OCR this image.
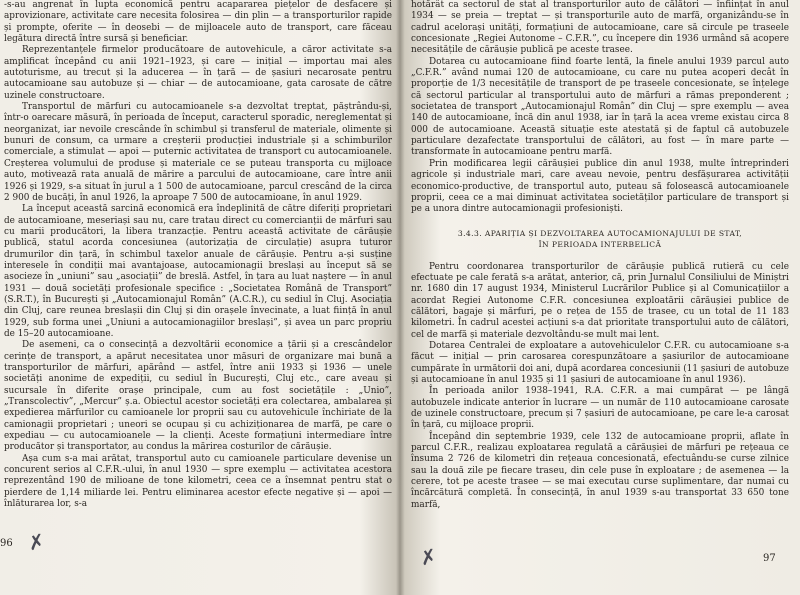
-s-au angrenat în lupta economică pentru acapararea piețelor de desfacere și aprovizionare, activitate care necesita folosirea — din plin — a transporturilor rapide și prompte, oferite — în deosebi — de mijloacele auto de transport, care făceau legătura directă între sursă și beneficiar.

Reprezentanțele firmelor producătoare de autovehicule, a căror activitate s-a amplificat începând cu anii 1921–1923, și care — inițial — importau mai ales autoturisme, au trecut și la aducerea — în țară — de șasiuri necarosate pentru autocamioane sau autobuze și — chiar — de autocamioane, gata carosate de către uzinele constructoare.

Transportul de mărfuri cu autocamioanele s-a dezvoltat treptat, păștrându-și, într-o oarecare măsură, în perioada de început, caracterul sporadic, nereglementat și neorganizat, iar nevoile crescânde în schimbul și transferul de materiale, olimente și bunuri de consum, ca urmare a creșterii producției industriale și a schimburilor comerciale, a stimulat — apoi — puternic activitatea de transport cu autocamioanele. Creșterea volumului de produse și materiale ce se puteau transporta cu mijloace auto, motivează rata anuală de mărire a parcului de autocamioane, care între anii 1926 și 1929, s-a situat în jurul a 1 500 de autocamioane, parcul crescând de la circa 2 900 de bucăți, în anul 1926, la aproape 7 500 de autocamioane, în anul 1929.

La început această sarcină economică era îndeplinită de către diferiți proprietari de autocamioane, meseriași sau nu, care tratau direct cu comercianții de mărfuri sau cu marii producători, la libera tranzacție. Pentru această activitate de cărăușie publică, statul acorda concesiunea (autorizația de circulație) asupra tuturor drumurilor din țară, în schimbul taxelor anuale de cărăușie. Pentru a-și susține interesele în condiții mai avantajoase, autocamionagii breslași au început să se asocieze în „uniuni” sau „asociații” de breslă. Astfel, în țara au luat naștere — în anul 1931 — două societăți profesionale specifice : „Societatea Română de Transport” (S.R.T.), în București și „Autocamionajul Român” (A.C.R.), cu sediul în Cluj. Asociația din Cluj, care reunea breslașii din Cluj și din orașele învecinate, a luat ființă în anul 1929, sub forma unei „Uniuni a autocamionagiilor breslași”, și avea un parc propriu de 15–20 autocamioane.

De asemeni, ca o consecință a dezvoltării economice a țării și a crescândelor cerințe de transport, a apărut necesitatea unor măsuri de organizare mai bună a transporturilor de mărfuri, apărând — astfel, între anii 1933 și 1936 — unele societăți anonime de expediții, cu sediul în București, Cluj etc., care aveau și sucursale în diferite orașe principale, cum au fost societățile : „Unio”, „Transcolectiv”, „Mercur” ș.a. Obiectul acestor societăți era colectarea, ambalarea și expedierea mărfurilor cu camioanele lor proprii sau cu autovehicule închiriate de la camionagii proprietari ; uneori se ocupau și cu achiziționarea de marfă, pe care o expediau — cu autocamioanele — la clienți. Aceste formațiuni intermediare între producător și transportator, au condus la mărirea costurilor de cărăușie.

Așa cum s-a mai arătat, transportul auto cu camioanele particulare devenise un concurent serios al C.F.R.-ului, în anul 1930 — spre exemplu — activitatea acestora reprezentând 190 de milioane de tone kilometri, ceea ce a însemnat pentru stat o pierdere de 1,14 miliarde lei. Pentru eliminarea acestor efecte negative și — apoi — înlăturarea lor, s-a

hotărât ca sectorul de stat al transporturilor auto de călători — înființat în anul 1934 — se preia — treptat — și transporturile auto de marfă, organizându-se în cadrul acelorași unități, formațiuni de autocamioane, care să circule pe traseele concesionate „Regiei Autonome – C.F.R.”, cu începere din 1936 urmând să acopere necesitățile de cărăușie publică pe aceste trasee.

Dotarea cu autocamioane fiind foarte lentă, la finele anului 1939 parcul auto „C.F.R.” având numai 120 de autocamioane, cu care nu putea acoperi decât în proporție de 1/3 necesitățile de transport de pe traseele concesionate, se înțelege că sectorul particular al transportului auto de mărfuri a rămas preponderent ; societatea de transport „Autocamionajul Român” din Cluj — spre exemplu — avea 140 de autocamioane, încă din anul 1938, iar în țară la acea vreme existau circa 8 000 de autocamioane. Această situație este atestată și de faptul că autobuzele particulare dezafectate transportului de călători, au fost — în mare parte — transformate în autocamioane pentru marfă.

Prin modificarea legii cărăușiei publice din anul 1938, multe întreprinderi agricole și industriale mari, care aveau nevoie, pentru desfășurarea activității economico-productive, de transportul auto, puteau să folosească autocamioanele proprii, ceea ce a mai diminuat activitatea societăților particulare de transport și pe a unora dintre autocamionagii profesioniști.

3.4.3. APARIȚIA ȘI DEZVOLTAREA AUTOCAMIONAJULUI DE STAT,
ÎN PERIOADA INTERBELICĂ

Pentru coordonarea transporturilor de cărăușie publică rutieră cu cele efectuate pe cale ferată s-a arătat, anterior, că, prin Jurnalul Consiliului de Miniștri nr. 1680 din 17 august 1934, Ministerul Lucrărilor Publice și al Comunicațiilor a acordat Regiei Autonome C.F.R. concesiunea exploatării cărăușiei publice de călători, bagaje și mărfuri, pe o rețea de 155 de trasee, cu un total de 11 183 kilometri. În cadrul acestei acțiuni s-a dat prioritate transportului auto de călători, cel de marfă și materiale dezvoltându-se mult mai lent.

Dotarea Centralei de exploatare a autovehiculelor C.F.R. cu autocamioane s-a făcut — inițial — prin carosarea corespunzătoare a șasiurilor de autocamioane cumpărate în următorii doi ani, după acordarea concesiunii (11 șasiuri de autobuze și autocamioane în anul 1935 și 11 șasiuri de autocamioane în anul 1936).

În perioada anilor 1938–1941, R.A. C.F.R. a mai cumpărat — pe lângă autobuzele indicate anterior în lucrare — un număr de 110 autocamioane carosate de uzinele constructoare, precum și 7 șasiuri de autocamioane, pe care le-a carosat în țară, cu mijloace proprii.

Începând din septembrie 1939, cele 132 de autocamioane proprii, aflate în parcul C.F.R., realizau exploatarea regulată a cărăușiei de mărfuri pe rețeaua ce însuma 2 726 de kilometri din rețeaua concesionată, efectuându-se curse zilnice sau la două zile pe fiecare traseu, din cele puse în exploatare ; de asemenea — la cerere, tot pe aceste trasee — se mai executau curse suplimentare, dar numai cu încărcătură completă. În consecință, în anul 1939 s-au transportat 33 650 tone marfă,

96
97
✗
✗
